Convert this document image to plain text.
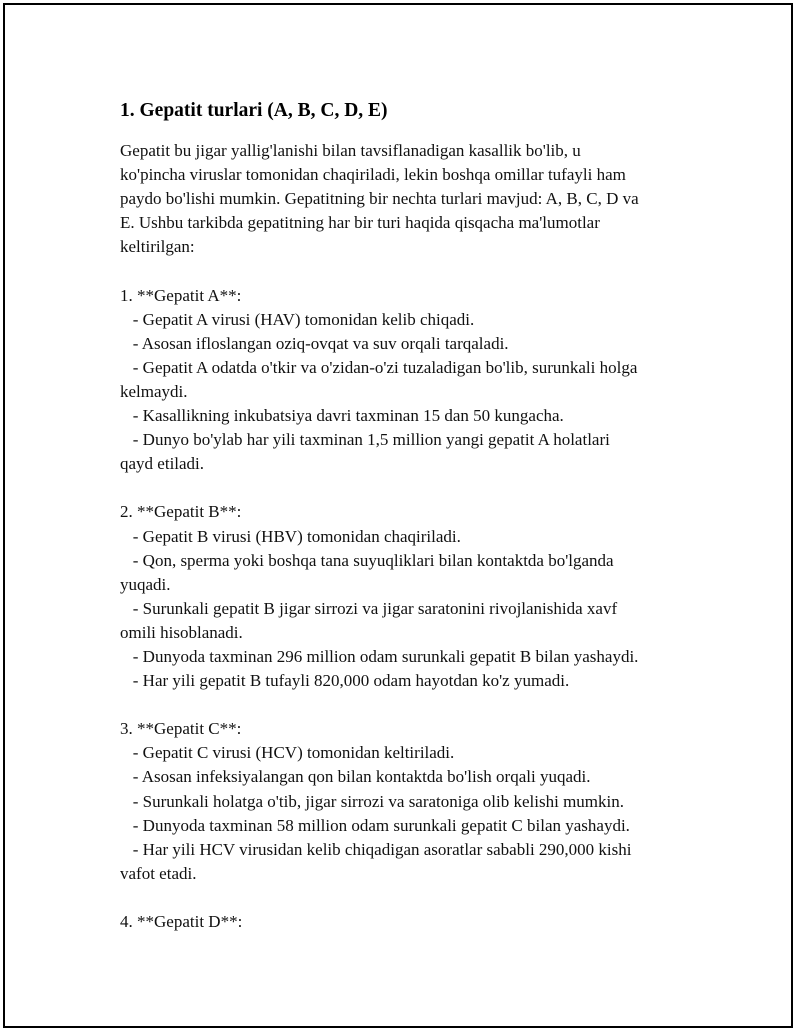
1. Gepatit turlari (A, B, C, D, E)
Gepatit bu jigar yallig'lanishi bilan tavsiflanadigan kasallik bo'lib, u
ko'pincha viruslar tomonidan chaqiriladi, lekin boshqa omillar tufayli ham
paydo bo'lishi mumkin. Gepatitning bir nechta turlari mavjud: A, B, C, D va
E. Ushbu tarkibda gepatitning har bir turi haqida qisqacha ma'lumotlar
keltirilgan:

1. **Gepatit A**:
- Gepatit A virusi (HAV) tomonidan kelib chiqadi.
- Asosan ifloslangan oziq-ovqat va suv orqali tarqaladi.
- Gepatit A odatda o'tkir va o'zidan-o'zi tuzaladigan bo'lib, surunkali holga
kelmaydi.
- Kasallikning inkubatsiya davri taxminan 15 dan 50 kungacha.
- Dunyo bo'ylab har yili taxminan 1,5 million yangi gepatit A holatlari
qayd etiladi.

2. **Gepatit B**:
- Gepatit B virusi (HBV) tomonidan chaqiriladi.
- Qon, sperma yoki boshqa tana suyuqliklari bilan kontaktda bo'lganda
yuqadi.
- Surunkali gepatit B jigar sirrozi va jigar saratonini rivojlanishida xavf
omili hisoblanadi.
- Dunyoda taxminan 296 million odam surunkali gepatit B bilan yashaydi.
- Har yili gepatit B tufayli 820,000 odam hayotdan ko'z yumadi.

3. **Gepatit C**:
- Gepatit C virusi (HCV) tomonidan keltiriladi.
- Asosan infeksiyalangan qon bilan kontaktda bo'lish orqali yuqadi.
- Surunkali holatga o'tib, jigar sirrozi va saratoniga olib kelishi mumkin.
- Dunyoda taxminan 58 million odam surunkali gepatit C bilan yashaydi.
- Har yili HCV virusidan kelib chiqadigan asoratlar sababli 290,000 kishi
vafot etadi.

4. **Gepatit D**:
